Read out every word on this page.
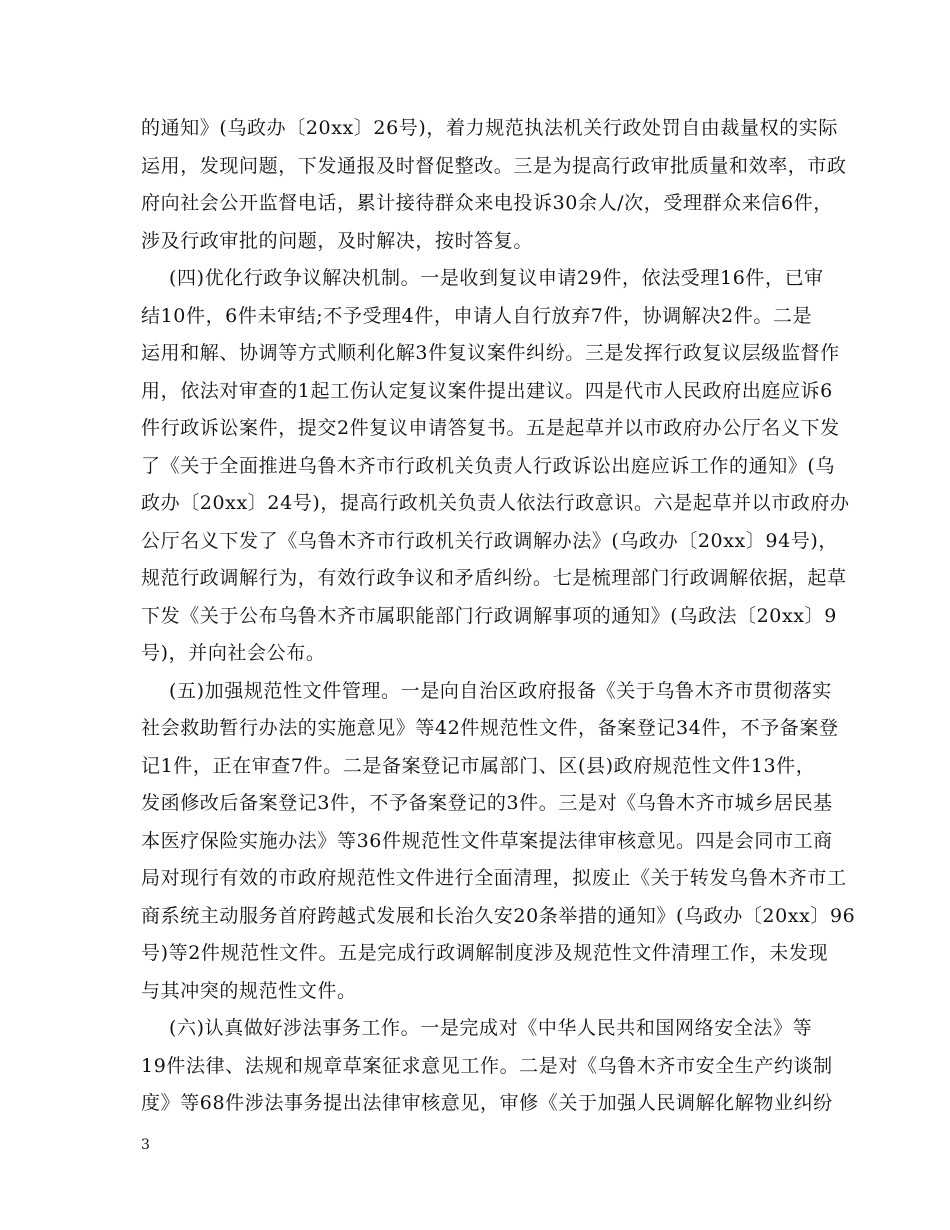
的通知》(乌政办〔20xx〕26号)，着力规范执法机关行政处罚自由裁量权的实际
运用，发现问题，下发通报及时督促整改。三是为提高行政审批质量和效率，市政
府向社会公开监督电话，累计接待群众来电投诉30余人/次，受理群众来信6件，
涉及行政审批的问题，及时解决，按时答复。
(四)优化行政争议解决机制。一是收到复议申请29件，依法受理16件，已审
结10件，6件未审结;不予受理4件，申请人自行放弃7件，协调解决2件。二是
运用和解、协调等方式顺利化解3件复议案件纠纷。三是发挥行政复议层级监督作
用，依法对审查的1起工伤认定复议案件提出建议。四是代市人民政府出庭应诉6
件行政诉讼案件，提交2件复议申请答复书。五是起草并以市政府办公厅名义下发
了《关于全面推进乌鲁木齐市行政机关负责人行政诉讼出庭应诉工作的通知》(乌
政办〔20xx〕24号)，提高行政机关负责人依法行政意识。六是起草并以市政府办
公厅名义下发了《乌鲁木齐市行政机关行政调解办法》(乌政办〔20xx〕94号)，
规范行政调解行为，有效行政争议和矛盾纠纷。七是梳理部门行政调解依据，起草
下发《关于公布乌鲁木齐市属职能部门行政调解事项的通知》(乌政法〔20xx〕9
号)，并向社会公布。
(五)加强规范性文件管理。一是向自治区政府报备《关于乌鲁木齐市贯彻落实
社会救助暂行办法的实施意见》等42件规范性文件，备案登记34件，不予备案登
记1件，正在审查7件。二是备案登记市属部门、区(县)政府规范性文件13件，
发函修改后备案登记3件，不予备案登记的3件。三是对《乌鲁木齐市城乡居民基
本医疗保险实施办法》等36件规范性文件草案提法律审核意见。四是会同市工商
局对现行有效的市政府规范性文件进行全面清理，拟废止《关于转发乌鲁木齐市工
商系统主动服务首府跨越式发展和长治久安20条举措的通知》(乌政办〔20xx〕96
号)等2件规范性文件。五是完成行政调解制度涉及规范性文件清理工作，未发现
与其冲突的规范性文件。
(六)认真做好涉法事务工作。一是完成对《中华人民共和国网络安全法》等
19件法律、法规和规章草案征求意见工作。二是对《乌鲁木齐市安全生产约谈制
度》等68件涉法事务提出法律审核意见，审修《关于加强人民调解化解物业纠纷
3
